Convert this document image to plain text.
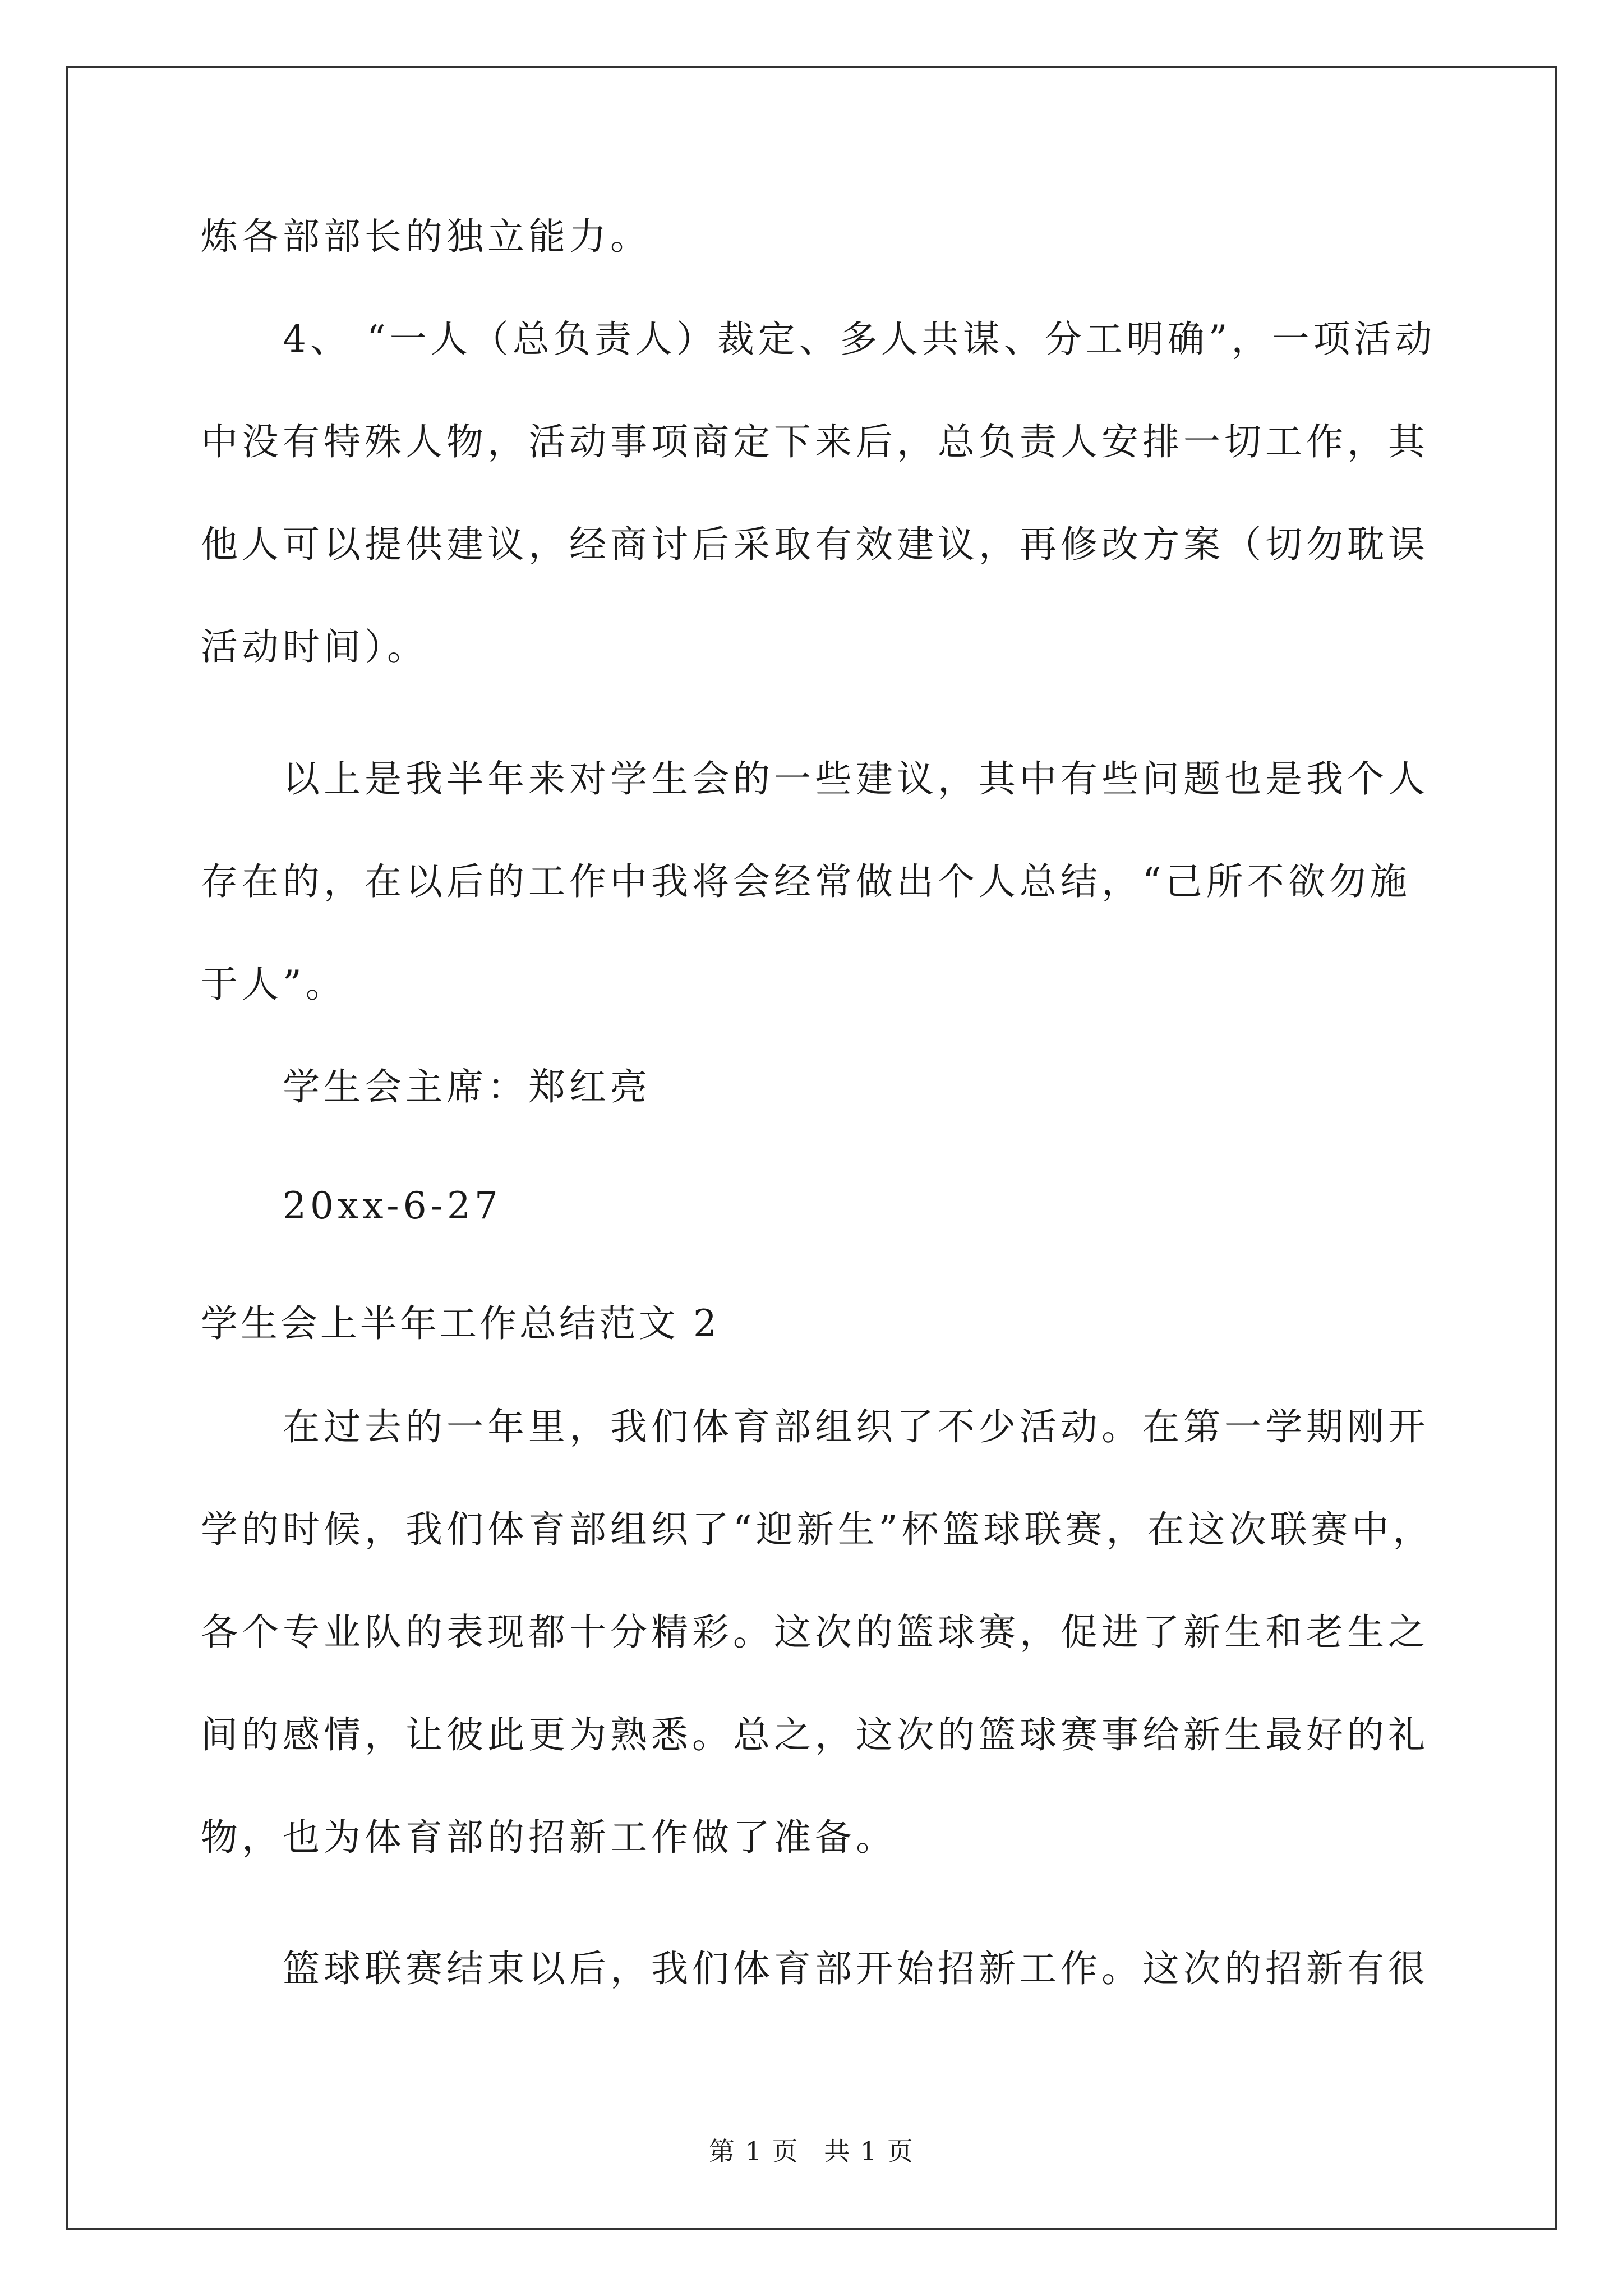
炼各部部长的独立能力。
4、 “一人（总负责人）裁定、多人共谋、分工明确”，一项活动
中没有特殊人物，活动事项商定下来后，总负责人安排一切工作，其
他人可以提供建议，经商讨后采取有效建议，再修改方案（切勿耽误
活动时间）。
以上是我半年来对学生会的一些建议，其中有些问题也是我个人
存在的，在以后的工作中我将会经常做出个人总结，“己所不欲勿施
于人”。
学生会主席：郑红亮
20xx-6-27
学生会上半年工作总结范文 2
在过去的一年里，我们体育部组织了不少活动。在第一学期刚开
学的时候，我们体育部组织了“迎新生”杯篮球联赛，在这次联赛中，
各个专业队的表现都十分精彩。这次的篮球赛，促进了新生和老生之
间的感情，让彼此更为熟悉。总之，这次的篮球赛事给新生最好的礼
物，也为体育部的招新工作做了准备。
篮球联赛结束以后，我们体育部开始招新工作。这次的招新有很
第 1 页 共 1 页
